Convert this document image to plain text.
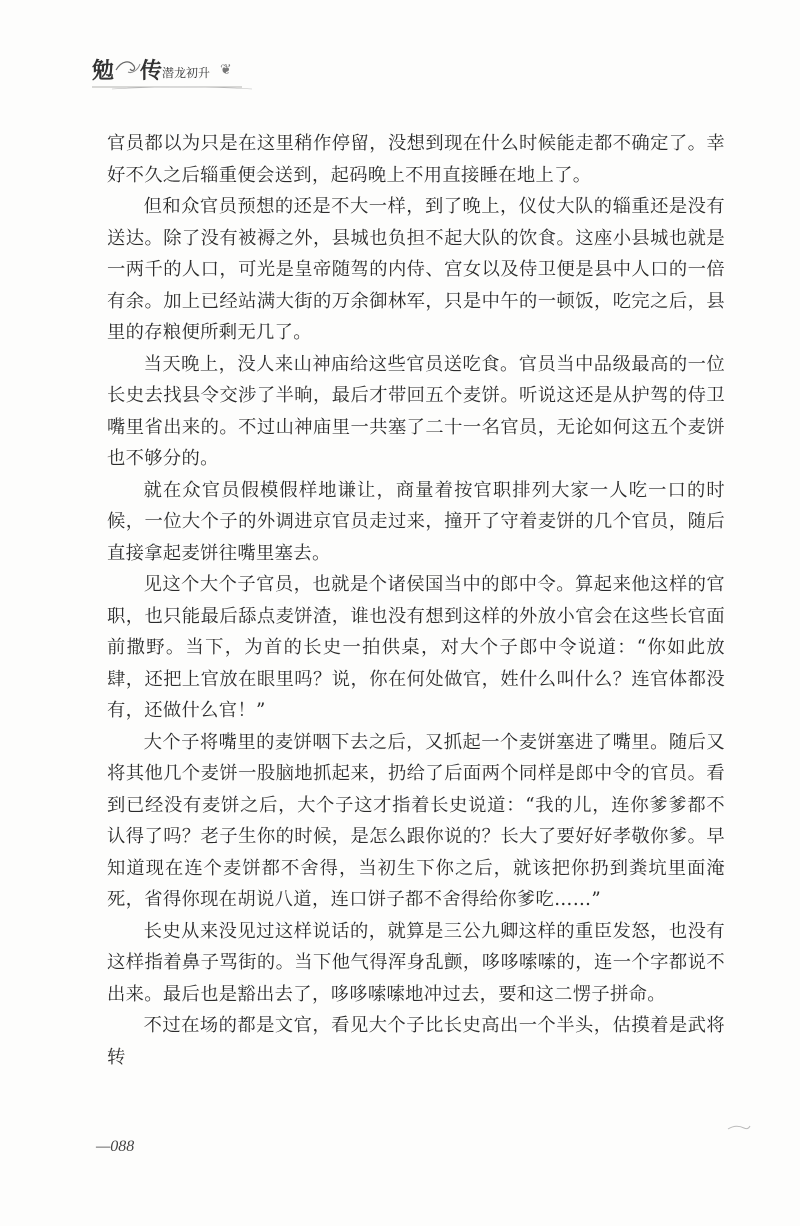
勉 传 潜龙初升 ❦

官员都以为只是在这里稍作停留，没想到现在什么时候能走都不确定了。幸好不久之后辎重便会送到，起码晚上不用直接睡在地上了。

但和众官员预想的还是不大一样，到了晚上，仪仗大队的辎重还是没有送达。除了没有被褥之外，县城也负担不起大队的饮食。这座小县城也就是一两千的人口，可光是皇帝随驾的内侍、宫女以及侍卫便是县中人口的一倍有余。加上已经站满大街的万余御林军，只是中午的一顿饭，吃完之后，县里的存粮便所剩无几了。

当天晚上，没人来山神庙给这些官员送吃食。官员当中品级最高的一位长史去找县令交涉了半晌，最后才带回五个麦饼。听说这还是从护驾的侍卫嘴里省出来的。不过山神庙里一共塞了二十一名官员，无论如何这五个麦饼也不够分的。

就在众官员假模假样地谦让，商量着按官职排列大家一人吃一口的时候，一位大个子的外调进京官员走过来，撞开了守着麦饼的几个官员，随后直接拿起麦饼往嘴里塞去。

见这个大个子官员，也就是个诸侯国当中的郎中令。算起来他这样的官职，也只能最后舔点麦饼渣，谁也没有想到这样的外放小官会在这些长官面前撒野。当下，为首的长史一拍供桌，对大个子郎中令说道：“你如此放肆，还把上官放在眼里吗？说，你在何处做官，姓什么叫什么？连官体都没有，还做什么官！”

大个子将嘴里的麦饼咽下去之后，又抓起一个麦饼塞进了嘴里。随后又将其他几个麦饼一股脑地抓起来，扔给了后面两个同样是郎中令的官员。看到已经没有麦饼之后，大个子这才指着长史说道：“我的儿，连你爹爹都不认得了吗？老子生你的时候，是怎么跟你说的？长大了要好好孝敬你爹。早知道现在连个麦饼都不舍得，当初生下你之后，就该把你扔到粪坑里面淹死，省得你现在胡说八道，连口饼子都不舍得给你爹吃……”

长史从来没见过这样说话的，就算是三公九卿这样的重臣发怒，也没有这样指着鼻子骂街的。当下他气得浑身乱颤，哆哆嗦嗦的，连一个字都说不出来。最后也是豁出去了，哆哆嗦嗦地冲过去，要和这二愣子拼命。

不过在场的都是文官，看见大个子比长史高出一个半头，估摸着是武将转

—088
